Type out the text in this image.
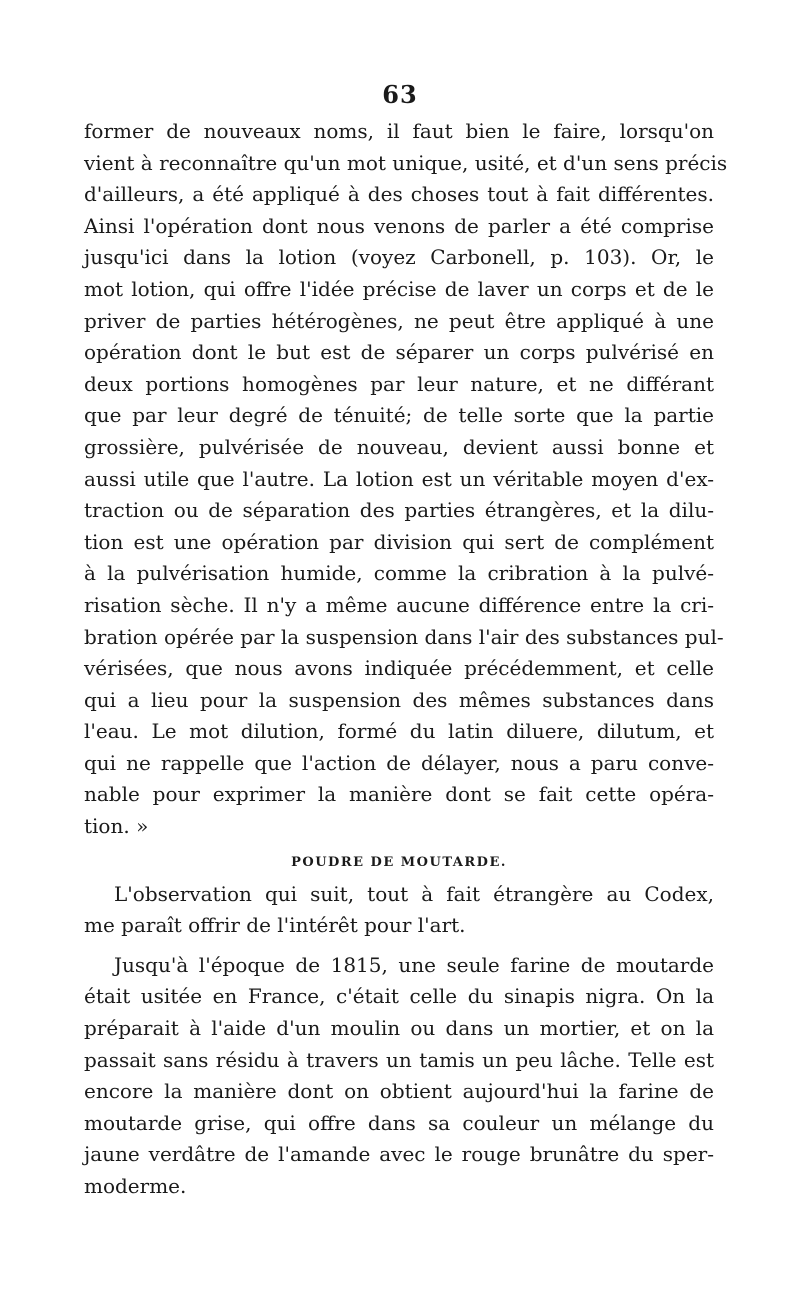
63
former de nouveaux noms, il faut bien le faire, lorsqu'on
vient à reconnaître qu'un mot unique, usité, et d'un sens précis
d'ailleurs, a été appliqué à des choses tout à fait différentes.
Ainsi l'opération dont nous venons de parler a été comprise
jusqu'ici dans la lotion (voyez Carbonell, p. 103). Or, le
mot lotion, qui offre l'idée précise de laver un corps et de le
priver de parties hétérogènes, ne peut être appliqué à une
opération dont le but est de séparer un corps pulvérisé en
deux portions homogènes par leur nature, et ne différant
que par leur degré de ténuité; de telle sorte que la partie
grossière, pulvérisée de nouveau, devient aussi bonne et
aussi utile que l'autre. La lotion est un véritable moyen d'ex-
traction ou de séparation des parties étrangères, et la dilu-
tion est une opération par division qui sert de complément
à la pulvérisation humide, comme la cribration à la pulvé-
risation sèche. Il n'y a même aucune différence entre la cri-
bration opérée par la suspension dans l'air des substances pul-
vérisées, que nous avons indiquée précédemment, et celle
qui a lieu pour la suspension des mêmes substances dans
l'eau. Le mot dilution, formé du latin diluere, dilutum, et
qui ne rappelle que l'action de délayer, nous a paru conve-
nable pour exprimer la manière dont se fait cette opéra-
tion. »
POUDRE DE MOUTARDE.
L'observation qui suit, tout à fait étrangère au Codex,
me paraît offrir de l'intérêt pour l'art.
Jusqu'à l'époque de 1815, une seule farine de moutarde
était usitée en France, c'était celle du sinapis nigra. On la
préparait à l'aide d'un moulin ou dans un mortier, et on la
passait sans résidu à travers un tamis un peu lâche. Telle est
encore la manière dont on obtient aujourd'hui la farine de
moutarde grise, qui offre dans sa couleur un mélange du
jaune verdâtre de l'amande avec le rouge brunâtre du sper-
moderme.
